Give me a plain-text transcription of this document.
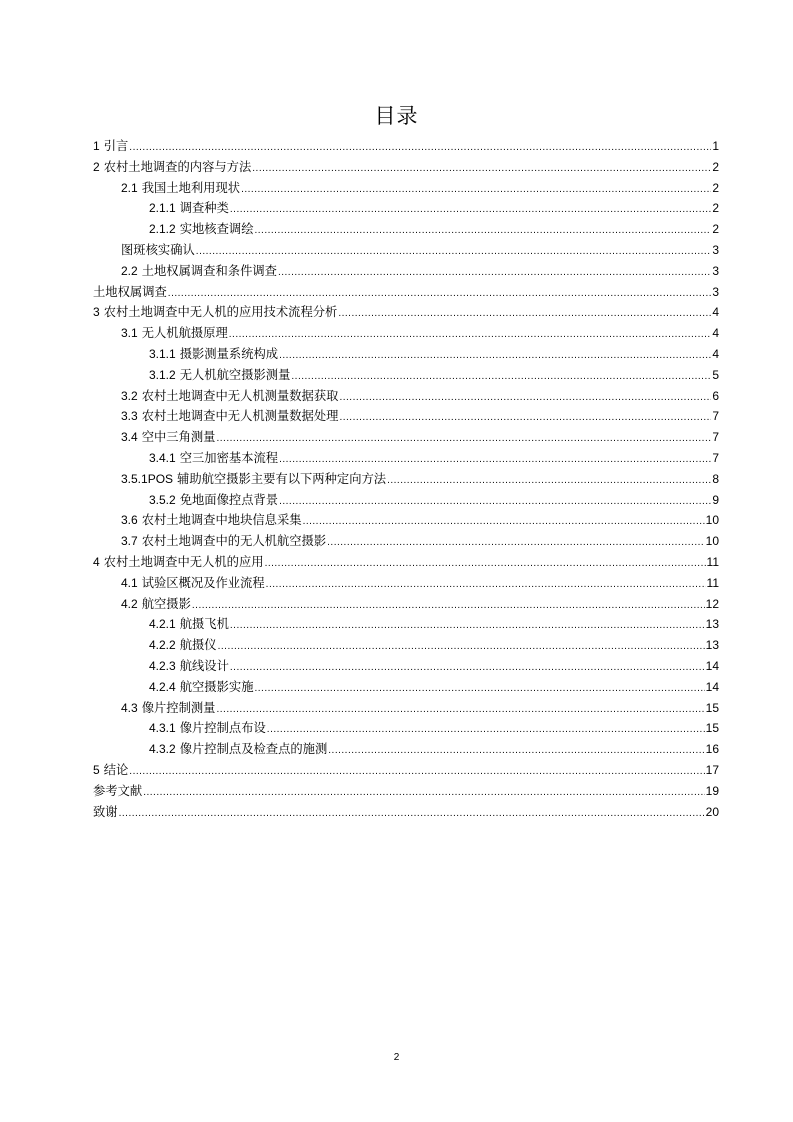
目录
1 引言 .....	1
2 农村土地调查的内容与方法 .....	2
2.1 我国土地利用现状 .....	2
2.1.1 调查种类 .....	2
2.1.2 实地核查调绘 .....	2
图斑核实确认 .....	3
2.2 土地权属调查和条件调查 .....	3
土地权属调查 .....	3
3 农村土地调查中无人机的应用技术流程分析 .....	4
3.1 无人机航摄原理 .....	4
3.1.1 摄影测量系统构成 .....	4
3.1.2 无人机航空摄影测量 .....	5
3.2 农村土地调查中无人机测量数据获取 .....	6
3.3 农村土地调查中无人机测量数据处理 .....	7
3.4 空中三角测量 .....	7
3.4.1 空三加密基本流程 .....	7
3.5.1POS 辅助航空摄影主要有以下两种定向方法 .....	8
3.5.2 免地面像控点背景 .....	9
3.6 农村土地调查中地块信息采集 .....	10
3.7 农村土地调查中的无人机航空摄影 .....	10
4 农村土地调查中无人机的应用 .....	11
4.1 试验区概况及作业流程 .....	11
4.2 航空摄影 .....	12
4.2.1 航摄飞机 .....	13
4.2.2 航摄仪 .....	13
4.2.3 航线设计 .....	14
4.2.4 航空摄影实施 .....	14
4.3 像片控制测量 .....	15
4.3.1 像片控制点布设 .....	15
4.3.2 像片控制点及检查点的施测 .....	16
5 结论 .....	17
参考文献 .....	19
致谢 .....	20
2
